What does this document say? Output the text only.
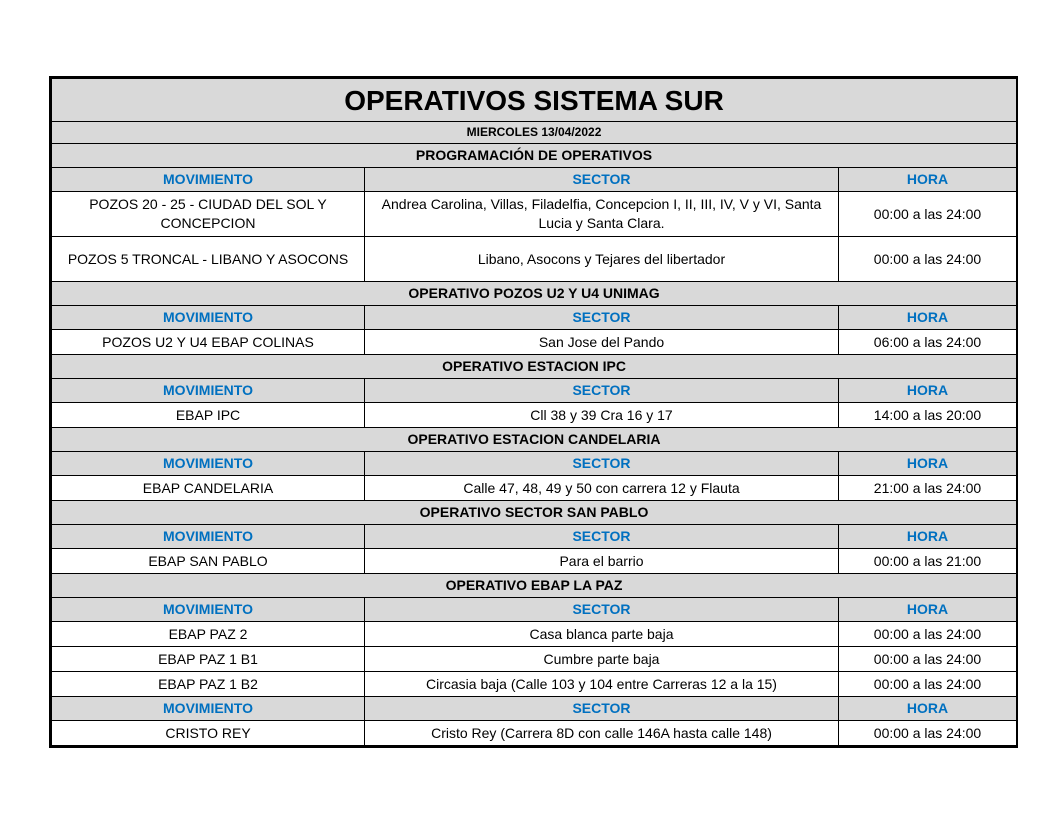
OPERATIVOS SISTEMA SUR		
MIERCOLES 13/04/2022		
PROGRAMACIÓN DE OPERATIVOS		
MOVIMIENTO	SECTOR	HORA
POZOS 20 - 25 - CIUDAD DEL SOL Y CONCEPCION	Andrea Carolina, Villas, Filadelfia, Concepcion I, II, III, IV, V y VI, Santa Lucia y Santa Clara.	00:00 a las 24:00
POZOS 5 TRONCAL - LIBANO Y ASOCONS	Libano, Asocons y Tejares del libertador	00:00 a las 24:00
OPERATIVO POZOS U2 Y U4 UNIMAG		
MOVIMIENTO	SECTOR	HORA
POZOS U2 Y U4 EBAP COLINAS	San Jose del Pando	06:00 a las 24:00
OPERATIVO ESTACION IPC		
MOVIMIENTO	SECTOR	HORA
EBAP IPC	Cll 38 y 39 Cra 16 y 17	14:00 a las 20:00
OPERATIVO ESTACION CANDELARIA		
MOVIMIENTO	SECTOR	HORA
EBAP CANDELARIA	Calle 47, 48, 49 y 50 con carrera 12 y Flauta	21:00 a las 24:00
OPERATIVO SECTOR SAN PABLO		
MOVIMIENTO	SECTOR	HORA
EBAP SAN PABLO	Para el barrio	00:00 a las 21:00
OPERATIVO EBAP LA PAZ		
MOVIMIENTO	SECTOR	HORA
EBAP PAZ 2	Casa blanca parte baja	00:00 a las 24:00
EBAP PAZ 1 B1	Cumbre parte baja	00:00 a las 24:00
EBAP PAZ 1 B2	Circasia baja (Calle 103 y 104 entre Carreras 12 a la 15)	00:00 a las 24:00
MOVIMIENTO	SECTOR	HORA
CRISTO REY	Cristo Rey (Carrera 8D con calle 146A hasta calle 148)	00:00 a las 24:00
